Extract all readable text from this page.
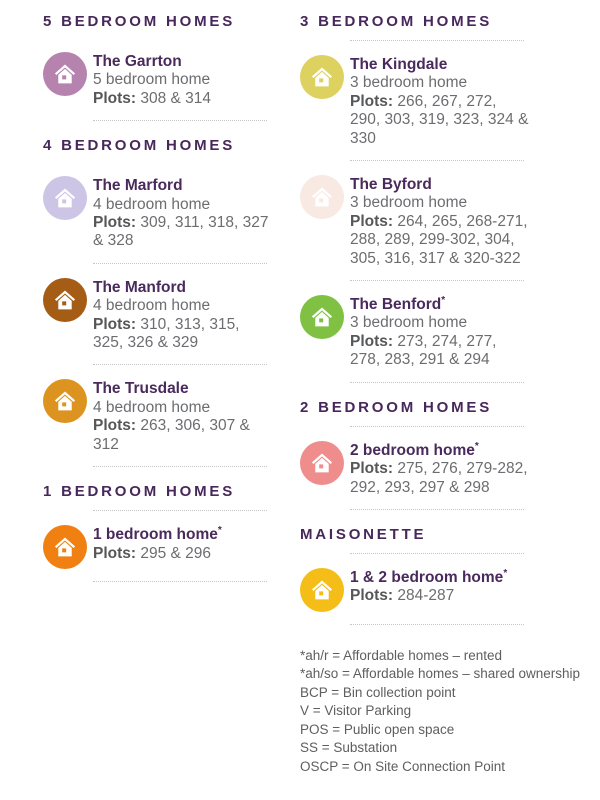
5 BEDROOM HOMES
The Garrton
5 bedroom home
Plots: 308 & 314
4 BEDROOM HOMES
The Marford
4 bedroom home
Plots: 309, 311, 318, 327 & 328
The Manford
4 bedroom home
Plots: 310, 313, 315, 325, 326 & 329
The Trusdale
4 bedroom home
Plots: 263, 306, 307 & 312
1 BEDROOM HOMES
1 bedroom home*
Plots: 295 & 296
3 BEDROOM HOMES
The Kingdale
3 bedroom home
Plots: 266, 267, 272, 290, 303, 319, 323, 324 & 330
The Byford
3 bedroom home
Plots: 264, 265, 268-271, 288, 289, 299-302, 304, 305, 316, 317 & 320-322
The Benford*
3 bedroom home
Plots: 273, 274, 277, 278, 283, 291 & 294
2 BEDROOM HOMES
2 bedroom home*
Plots: 275, 276, 279-282, 292, 293, 297 & 298
MAISONETTE
1 & 2 bedroom home*
Plots: 284-287
*ah/r = Affordable homes – rented
*ah/so = Affordable homes – shared ownership
BCP = Bin collection point
V = Visitor Parking
POS = Public open space
SS = Substation
OSCP = On Site Connection Point
